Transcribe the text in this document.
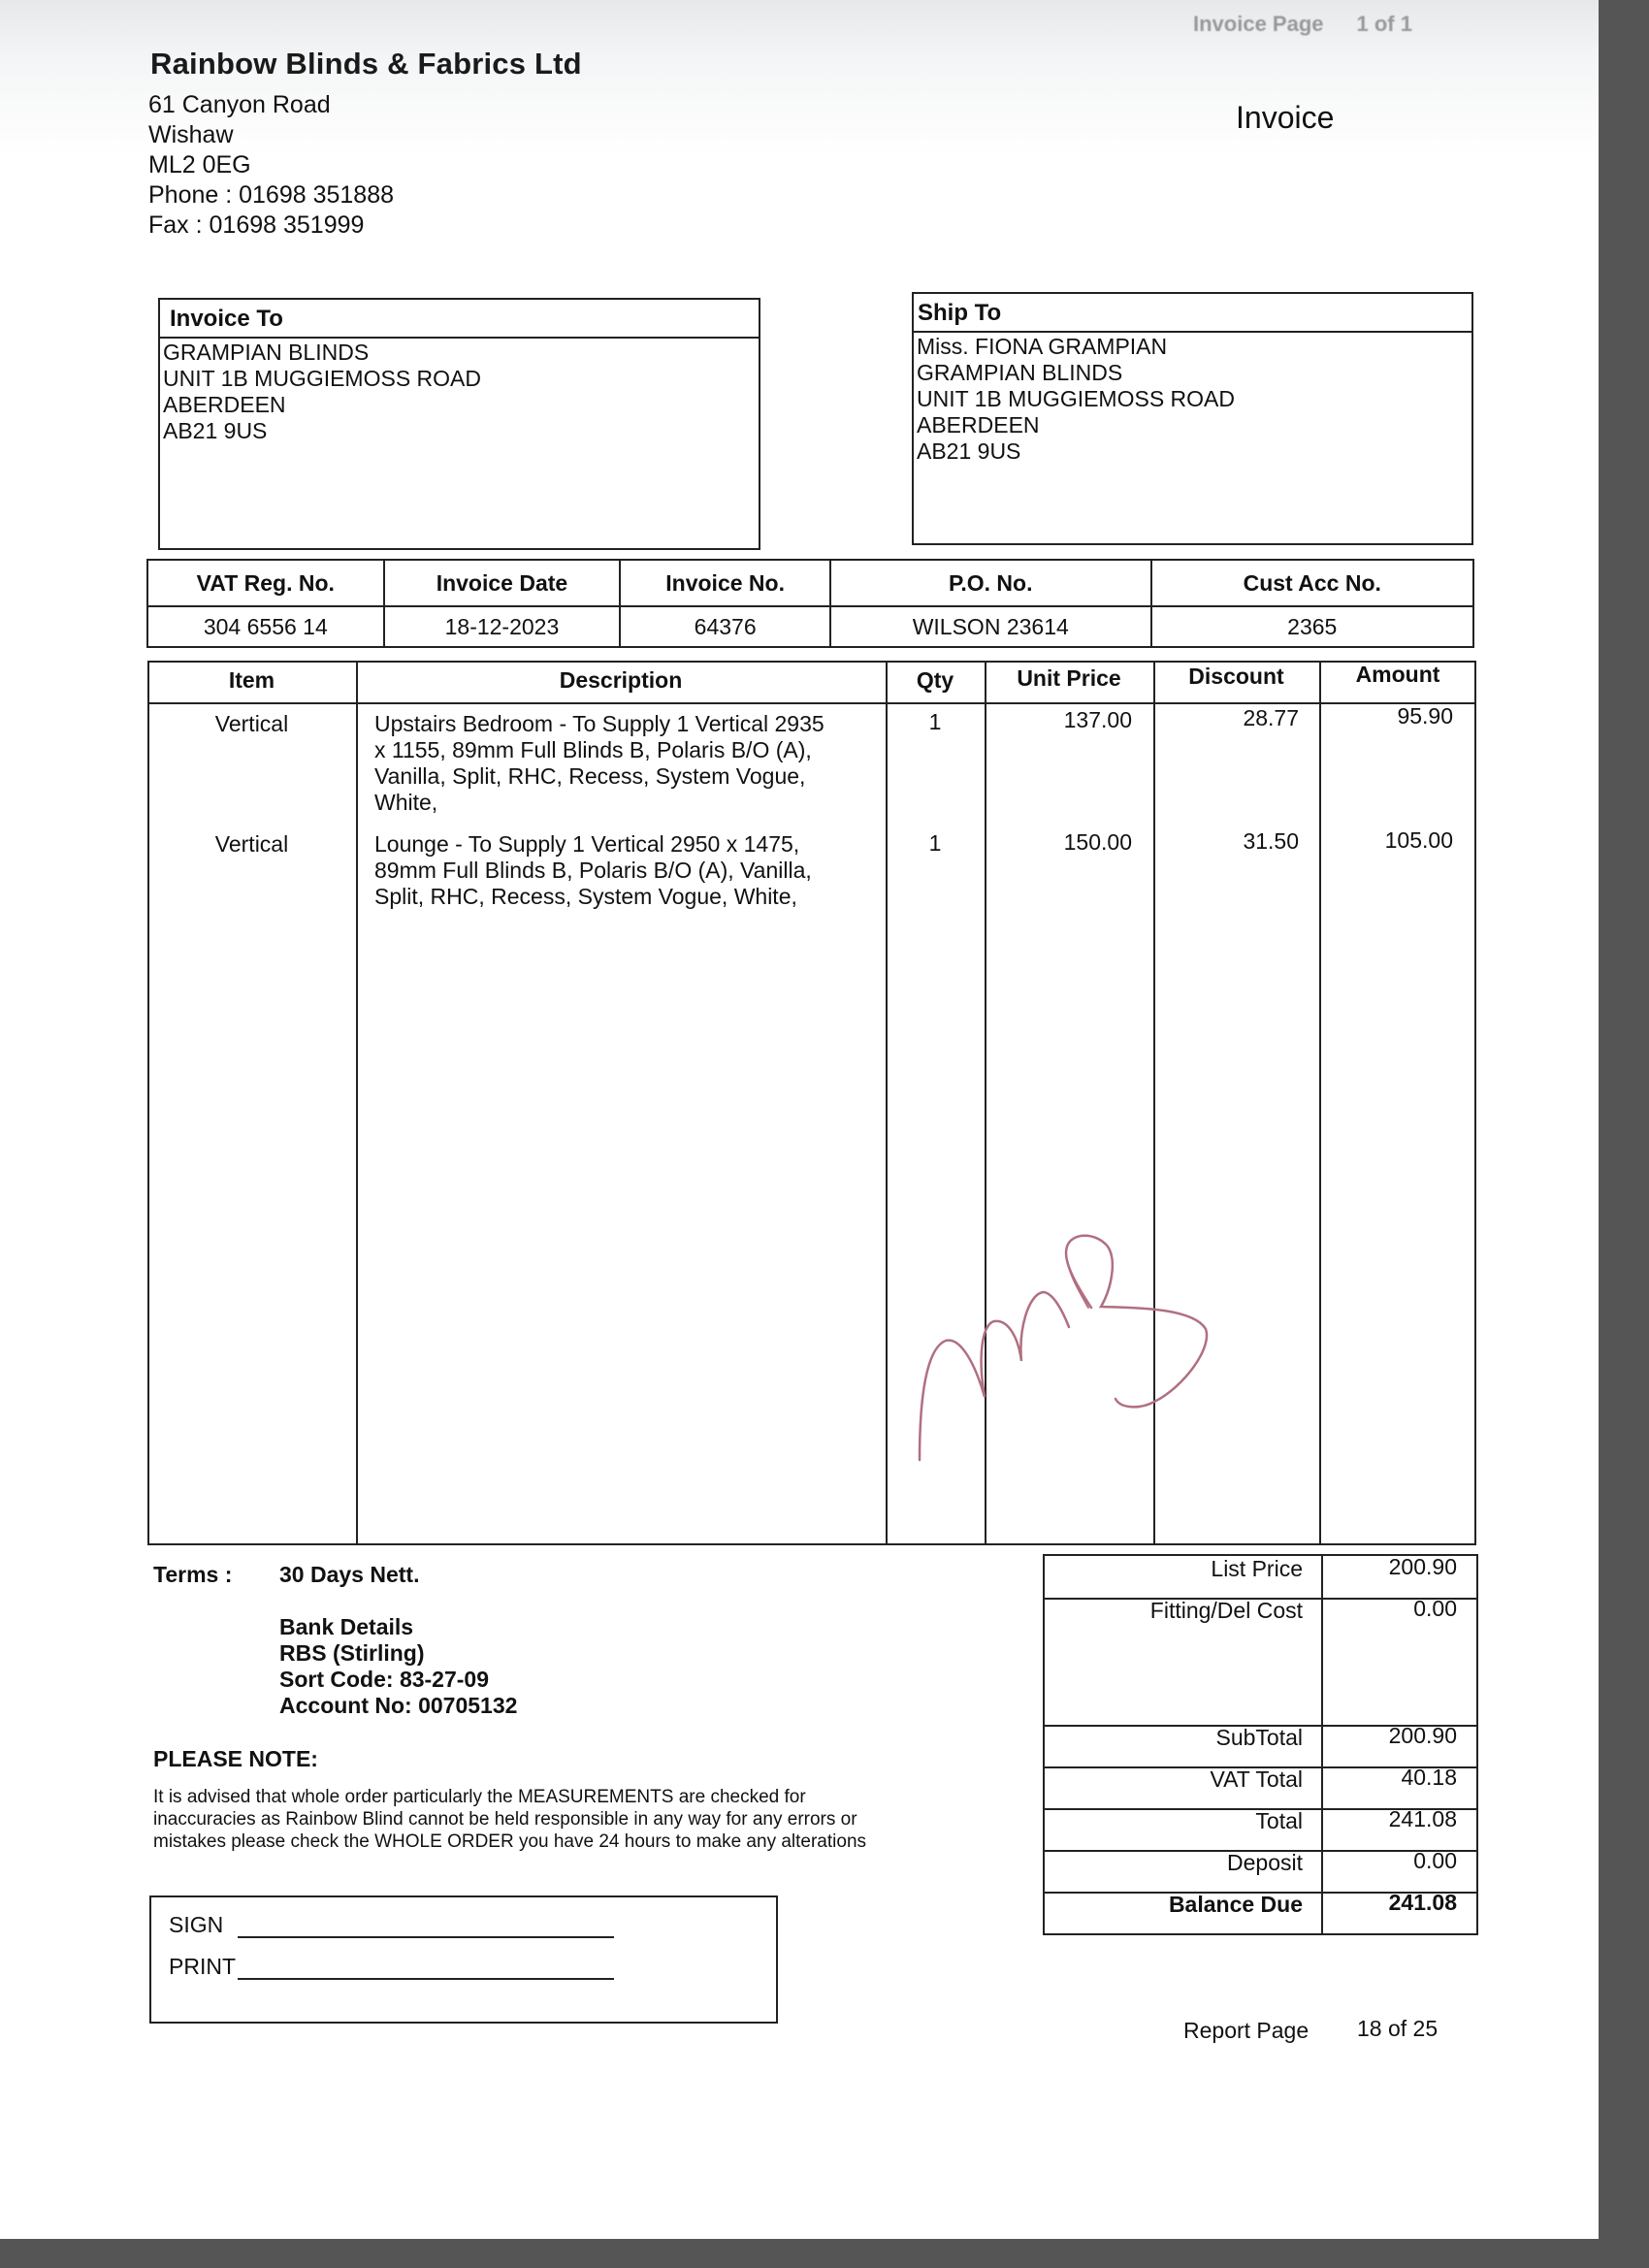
Invoice Page 1 of 1
Rainbow Blinds & Fabrics Ltd
61 Canyon Road
Wishaw
ML2 0EG
Phone : 01698 351888
Fax : 01698 351999
Invoice
Invoice To
GRAMPIAN BLINDS
UNIT 1B MUGGIEMOSS ROAD
ABERDEEN
AB21 9US
Ship To
Miss. FIONA GRAMPIAN
GRAMPIAN BLINDS
UNIT 1B MUGGIEMOSS ROAD
ABERDEEN
AB21 9US
VAT Reg. No.	Invoice Date	Invoice No.	P.O. No.	Cust Acc No.
304 6556 14	18-12-2023	64376	WILSON 23614	2365
Item	Description	Qty	Unit Price	Discount	Amount
Vertical	Upstairs Bedroom - To Supply 1 Vertical 2935
x 1155, 89mm Full Blinds B, Polaris B/O (A),
Vanilla, Split, RHC, Recess, System Vogue,
White,
1	137.00	28.77	95.90
Vertical	Lounge - To Supply 1 Vertical 2950 x 1475,
89mm Full Blinds B, Polaris B/O (A), Vanilla,
Split, RHC, Recess, System Vogue, White,
1	150.00	31.50	105.00
Terms : 30 Days Nett.
Bank Details
RBS (Stirling)
Sort Code: 83-27-09
Account No: 00705132
PLEASE NOTE:
It is advised that whole order particularly the MEASUREMENTS are checked for
inaccuracies as Rainbow Blind cannot be held responsible in any way for any errors or
mistakes please check the WHOLE ORDER you have 24 hours to make any alterations
SIGN
PRINT
List Price	200.90
Fitting/Del Cost	0.00
SubTotal	200.90
VAT Total	40.18
Total	241.08
Deposit	0.00
Balance Due	241.08
Report Page 18 of 25
